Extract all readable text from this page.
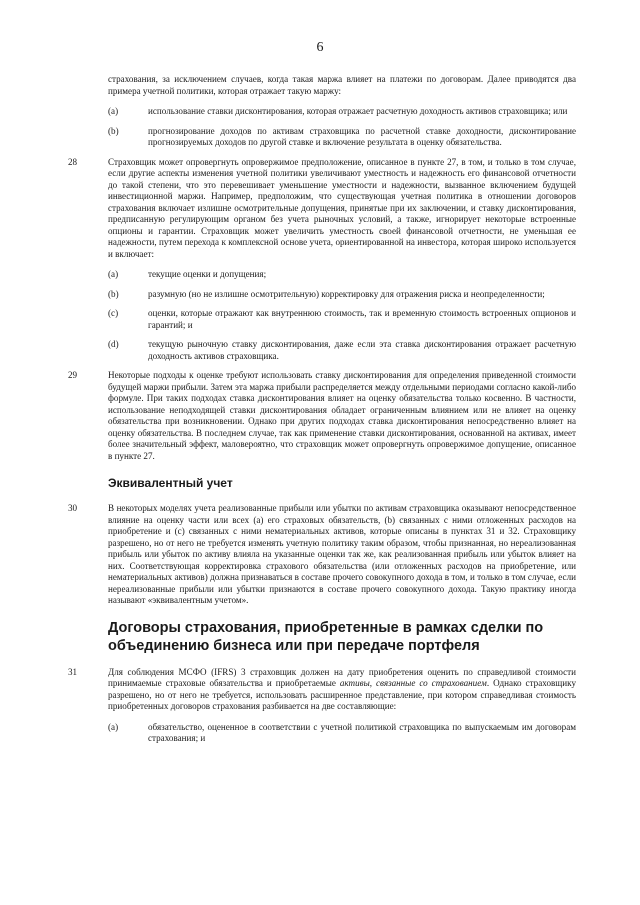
6

страхования, за исключением случаев, когда такая маржа влияет на платежи по договорам. Далее приводятся два примера учетной политики, которая отражает такую маржу:

(a)	использование ставки дисконтирования, которая отражает расчетную доходность активов страховщика; или
(b)	прогнозирование доходов по активам страховщика по расчетной ставке доходности, дисконтирование прогнозируемых доходов по другой ставке и включение результата в оценку обязательства.

28	Страховщик может опровергнуть опровержимое предположение, описанное в пункте 27, в том, и только в том случае, если другие аспекты изменения учетной политики увеличивают уместность и надежность его финансовой отчетности до такой степени, что это перевешивает уменьшение уместности и надежности, вызванное включением будущей инвестиционной маржи. Например, предположим, что существующая учетная политика в отношении договоров страхования включает излишне осмотрительные допущения, принятые при их заключении, и ставку дисконтирования, предписанную регулирующим органом без учета рыночных условий, а также, игнорирует некоторые встроенные опционы и гарантии. Страховщик может увеличить уместность своей финансовой отчетности, не уменьшая ее надежности, путем перехода к комплексной основе учета, ориентированной на инвестора, которая широко используется и включает:

(a)	текущие оценки и допущения;
(b)	разумную (но не излишне осмотрительную) корректировку для отражения риска и неопределенности;
(c)	оценки, которые отражают как внутреннюю стоимость, так и временную стоимость встроенных опционов и гарантий; и
(d)	текущую рыночную ставку дисконтирования, даже если эта ставка дисконтирования отражает расчетную доходность активов страховщика.

29	Некоторые подходы к оценке требуют использовать ставку дисконтирования для определения приведенной стоимости будущей маржи прибыли. Затем эта маржа прибыли распределяется между отдельными периодами согласно какой-либо формуле. При таких подходах ставка дисконтирования влияет на оценку обязательства только косвенно. В частности, использование неподходящей ставки дисконтирования обладает ограниченным влиянием или не влияет на оценку обязательства при возникновении. Однако при других подходах ставка дисконтирования непосредственно влияет на оценку обязательства. В последнем случае, так как применение ставки дисконтирования, основанной на активах, имеет более значительный эффект, маловероятно, что страховщик может опровергнуть опровержимое допущение, описанное в пункте 27.

Эквивалентный учет

30	В некоторых моделях учета реализованные прибыли или убытки по активам страховщика оказывают непосредственное влияние на оценку части или всех (a) его страховых обязательств, (b) связанных с ними отложенных расходов на приобретение и (c) связанных с ними нематериальных активов, которые описаны в пунктах 31 и 32. Страховщику разрешено, но от него не требуется изменять учетную политику таким образом, чтобы признанная, но нереализованная прибыль или убыток по активу влияла на указанные оценки так же, как реализованная прибыль или убыток влияет на них. Соответствующая корректировка страхового обязательства (или отложенных расходов на приобретение, или нематериальных активов) должна признаваться в составе прочего совокупного дохода в том, и только в том случае, если нереализованные прибыли или убытки признаются в составе прочего совокупного дохода. Такую практику иногда называют «эквивалентным учетом».

Договоры страхования, приобретенные в рамках сделки по объединению бизнеса или при передаче портфеля

31	Для соблюдения МСФО (IFRS) 3 страховщик должен на дату приобретения оценить по справедливой стоимости принимаемые страховые обязательства и приобретаемые активы, связанные со страхованием. Однако страховщику разрешено, но от него не требуется, использовать расширенное представление, при котором справедливая стоимость приобретенных договоров страхования разбивается на две составляющие:

(a)	обязательство, оцененное в соответствии с учетной политикой страховщика по выпускаемым им договорам страхования; и
